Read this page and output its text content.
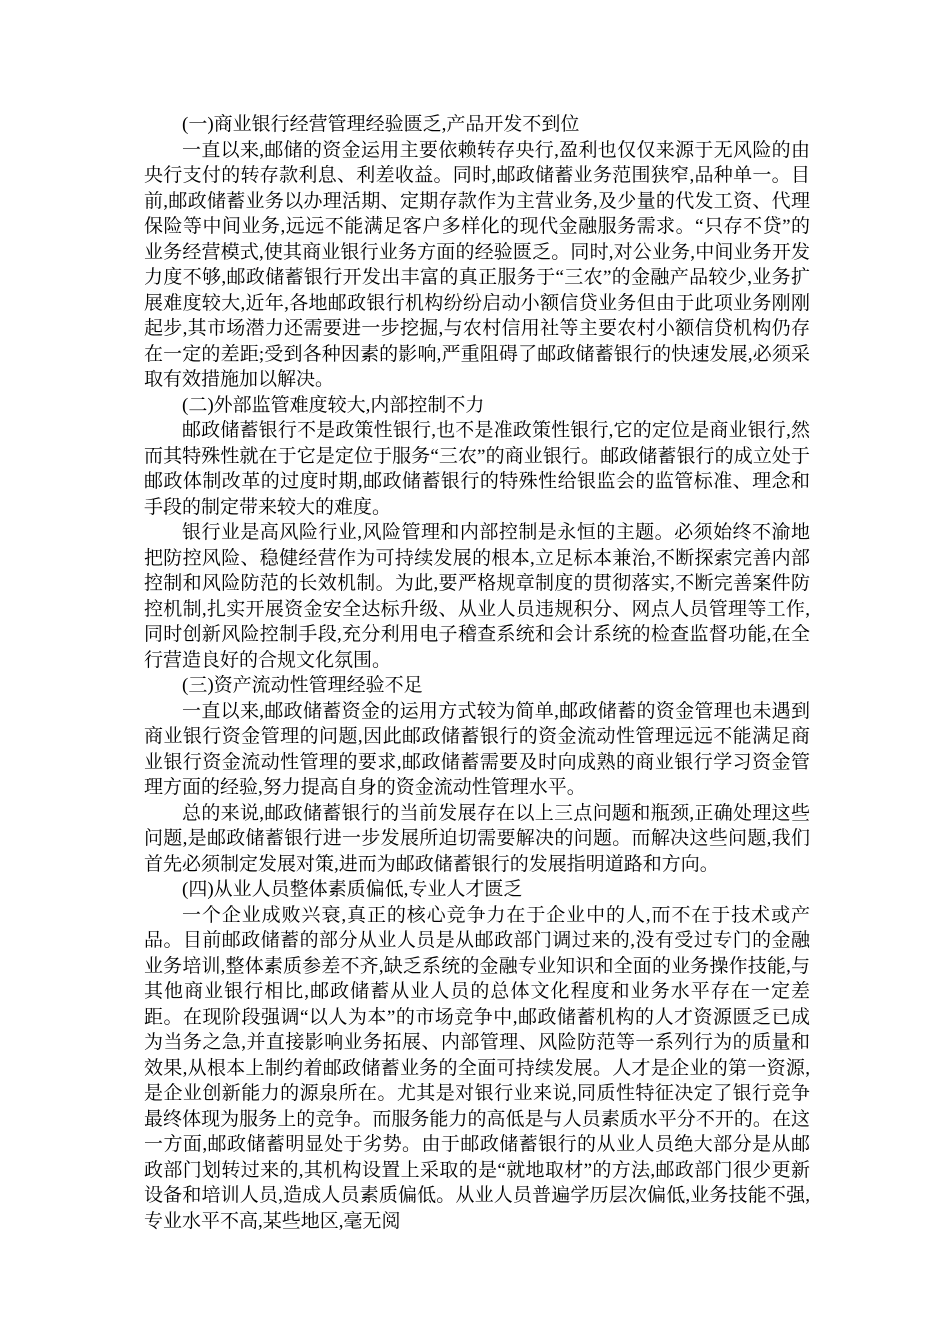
(一)商业银行经营管理经验匮乏,产品开发不到位

一直以来,邮储的资金运用主要依赖转存央行,盈利也仅仅来源于无风险的由央行支付的转存款利息、利差收益。同时,邮政储蓄业务范围狭窄,品种单一。目前,邮政储蓄业务以办理活期、定期存款作为主营业务,及少量的代发工资、代理保险等中间业务,远远不能满足客户多样化的现代金融服务需求。“只存不贷”的业务经营模式,使其商业银行业务方面的经验匮乏。同时,对公业务,中间业务开发力度不够,邮政储蓄银行开发出丰富的真正服务于“三农”的金融产品较少,业务扩展难度较大,近年,各地邮政银行机构纷纷启动小额信贷业务但由于此项业务刚刚起步,其市场潜力还需要进一步挖掘,与农村信用社等主要农村小额信贷机构仍存在一定的差距;受到各种因素的影响,严重阻碍了邮政储蓄银行的快速发展,必须采取有效措施加以解决。

(二)外部监管难度较大,内部控制不力

邮政储蓄银行不是政策性银行,也不是准政策性银行,它的定位是商业银行,然而其特殊性就在于它是定位于服务“三农”的商业银行。邮政储蓄银行的成立处于邮政体制改革的过度时期,邮政储蓄银行的特殊性给银监会的监管标准、理念和手段的制定带来较大的难度。

银行业是高风险行业,风险管理和内部控制是永恒的主题。必须始终不渝地把防控风险、稳健经营作为可持续发展的根本,立足标本兼治,不断探索完善内部控制和风险防范的长效机制。为此,要严格规章制度的贯彻落实,不断完善案件防控机制,扎实开展资金安全达标升级、从业人员违规积分、网点人员管理等工作,同时创新风险控制手段,充分利用电子稽查系统和会计系统的检查监督功能,在全行营造良好的合规文化氛围。

(三)资产流动性管理经验不足

一直以来,邮政储蓄资金的运用方式较为简单,邮政储蓄的资金管理也未遇到商业银行资金管理的问题,因此邮政储蓄银行的资金流动性管理远远不能满足商业银行资金流动性管理的要求,邮政储蓄需要及时向成熟的商业银行学习资金管理方面的经验,努力提高自身的资金流动性管理水平。

总的来说,邮政储蓄银行的当前发展存在以上三点问题和瓶颈,正确处理这些问题,是邮政储蓄银行进一步发展所迫切需要解决的问题。而解决这些问题,我们首先必须制定发展对策,进而为邮政储蓄银行的发展指明道路和方向。

(四)从业人员整体素质偏低,专业人才匮乏

一个企业成败兴衰,真正的核心竞争力在于企业中的人,而不在于技术或产品。目前邮政储蓄的部分从业人员是从邮政部门调过来的,没有受过专门的金融业务培训,整体素质参差不齐,缺乏系统的金融专业知识和全面的业务操作技能,与其他商业银行相比,邮政储蓄从业人员的总体文化程度和业务水平存在一定差距。在现阶段强调“以人为本”的市场竞争中,邮政储蓄机构的人才资源匮乏已成为当务之急,并直接影响业务拓展、内部管理、风险防范等一系列行为的质量和效果,从根本上制约着邮政储蓄业务的全面可持续发展。人才是企业的第一资源,是企业创新能力的源泉所在。尤其是对银行业来说,同质性特征决定了银行竞争最终体现为服务上的竞争。而服务能力的高低是与人员素质水平分不开的。在这一方面,邮政储蓄明显处于劣势。由于邮政储蓄银行的从业人员绝大部分是从邮政部门划转过来的,其机构设置上采取的是“就地取材”的方法,邮政部门很少更新设备和培训人员,造成人员素质偏低。从业人员普遍学历层次偏低,业务技能不强,专业水平不高,某些地区,毫无阅
